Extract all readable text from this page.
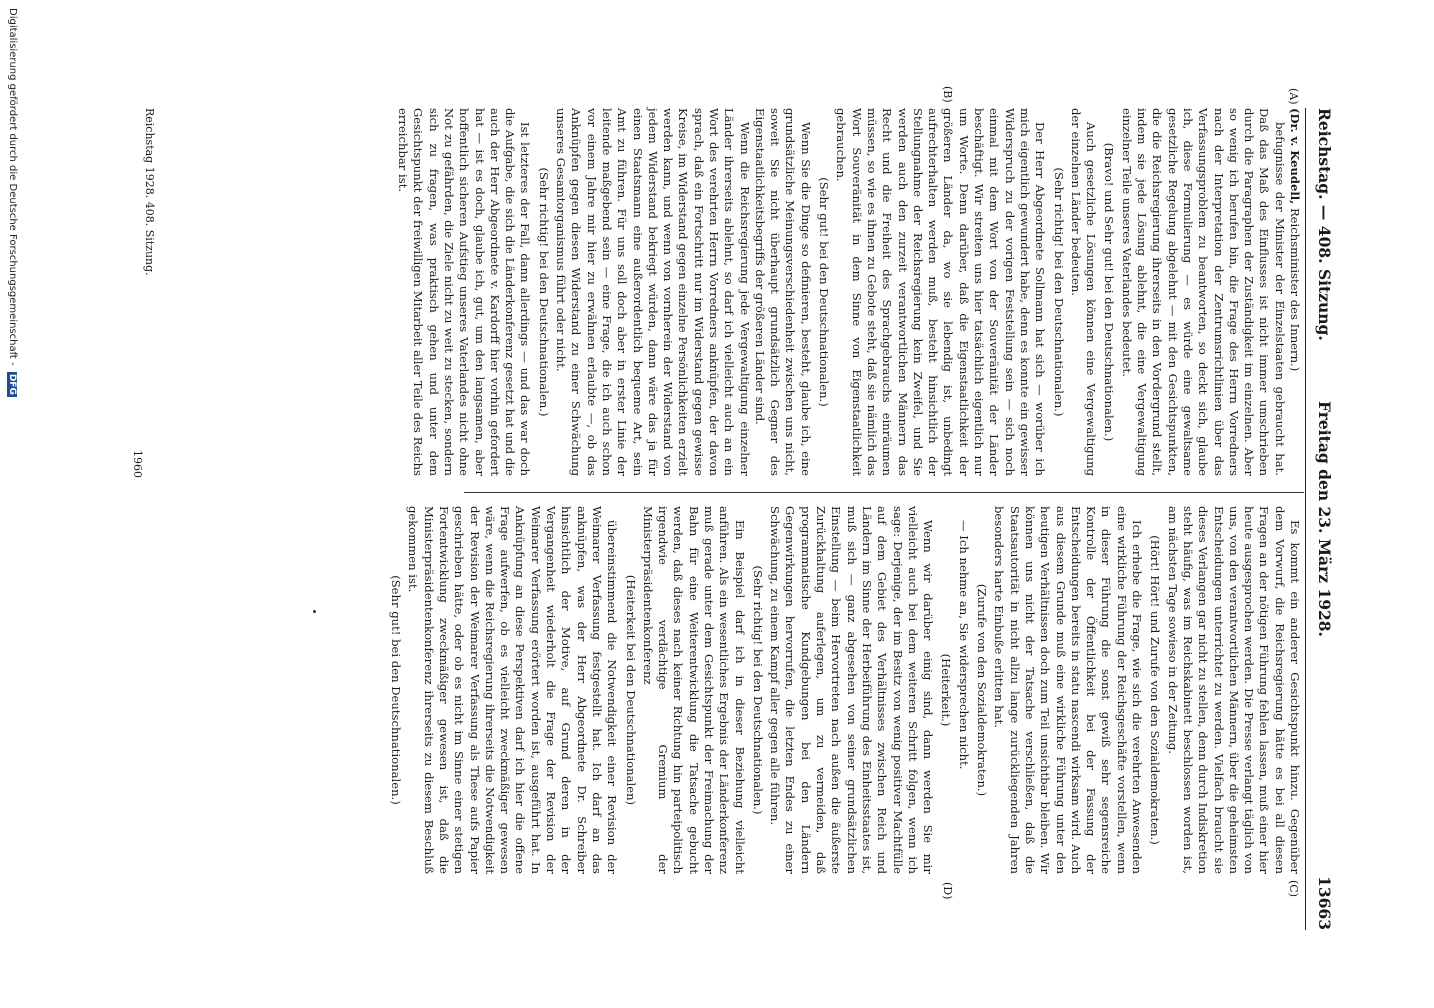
Reichstag. — 408. Sitzung.
Freitag den 23. März 1928.
13663
(A)
(B)
(C)
(D)

(Dr. v. Keudell, Reichsminister des Innern.)

befugnisse der Minister der Einzelstaaten gebraucht hat. Daß das Maß des Einflusses ist nicht immer umschrieben durch die Paragraphen der Zuständigkeit im einzelnen. Aber so wenig ich berufen bin, die Frage des Herrn Vorredners nach der Interpretation der Zentrumsrichtlinien über das Verfassungsproblem zu beantworten, so deckt sich, glaube ich, diese Formulierung — es würde eine gewaltsame gesetzliche Regelung abgelehnt — mit den Gesichtspunkten, die die Reichsregierung ihrerseits in den Vordergrund stellt, indem sie jede Lösung ablehnt, die eine Vergewaltigung einzelner Teile unseres Vaterlandes bedeutet.

(Bravo! und Sehr gut! bei den Deutschnationalen.)

Auch gesetzliche Lösungen können eine Vergewaltigung der einzelnen Länder bedeuten.

(Sehr richtig! bei den Deutschnationalen.)

Der Herr Abgeordnete Sollmann hat sich — worüber ich mich eigentlich gewundert habe, denn es konnte ein gewisser Widerspruch zu der vorigen Feststellung sein — sich noch einmal mit dem Wort von der Souveränität der Länder beschäftigt. Wir streiten uns hier tatsächlich eigentlich nur um Worte. Denn darüber, daß die Eigenstaatlichkeit der größeren Länder da, wo sie lebendig ist, unbedingt aufrechterhalten werden muß, besteht hinsichtlich der Stellungnahme der Reichsregierung kein Zweifel, und Sie werden auch den zurzeit verantwortlichen Männern das Recht und die Freiheit des Sprachgebrauchs einräumen müssen, so wie es ihnen zu Gebote steht, daß sie nämlich das Wort Souveränität in dem Sinne von Eigenstaatlichkeit gebrauchen.

(Sehr gut! bei den Deutschnationalen.)

Wenn Sie die Dinge so definieren, besteht, glaube ich, eine grundsätzliche Meinungsverschiedenheit zwischen uns nicht, soweit Sie nicht überhaupt grundsätzlich Gegner des Eigenstaatlichkeitsbegriffs der größeren Länder sind.

Wenn die Reichsregierung jede Vergewaltigung einzelner Länder ihrerseits ablehnt, so darf ich vielleicht auch an ein Wort des verehrten Herrn Vorredners anknüpfen, der davon sprach, daß ein Fortschritt nur im Widerstand gegen gewisse Kreise, im Widerstand gegen einzelne Persönlichkeiten erzielt werden kann, und wenn von vornherein der Widerstand von jedem Widerstand bekriegt würden, dann wäre das ja für einen Staatsmann eine außerordentlich bequeme Art, sein Amt zu führen. Für uns soll doch aber in erster Linie der leitende maßgebend sein — eine Frage, die ich auch schon vor einem Jahre mir hier zu erwähnen erlaubte —, ob das Anknüpfen gegen diesen Widerstand zu einer Schwächung unseres Gesamtorganismus führt oder nicht.

(Sehr richtig! bei den Deutschnationalen.)

Ist letzteres der Fall, dann allerdings — und das war doch die Aufgabe, die sich die Länderkonferenz gesetzt hat und die auch der Herr Abgeordnete v. Kardorff hier vorhin gefordert hat — ist es doch, glaube ich, gut, um den langsamen, aber hoffentlich sicheren Aufstieg unseres Vaterlandes nicht ohne Not zu gefährden, die Ziele nicht zu weit zu stecken, sondern sich zu fragen, was praktisch gehen und unter dem Gesichtspunkt der freiwilligen Mitarbeit aller Teile des Reichs erreichbar ist.

Es kommt ein anderer Gesichtspunkt hinzu. Gegenüber dem Vorwurf, die Reichsregierung hätte es bei all diesen Fragen an der nötigen Führung fehlen lassen, muß einer hier heute ausgesprochen werden. Die Presse verlangt täglich von uns, von den verantwortlichen Männern, über die geheimsten Entscheidungen unterrichtet zu werden. Vielfach braucht sie dieses Verlangen gar nicht zu stellen, denn durch Indiskretion steht häufig, was im Reichskabinett beschlossen worden ist, am nächsten Tage sowieso in der Zeitung.

(Hört! Hört! und Zurufe von den Sozialdemokraten.)

Ich erhebe die Frage, wie sich die verehrten Anwesenden eine wirkliche Führung der Reichsgeschäfte vorstellen, wenn in dieser Führung die sonst gewiß sehr segensreiche Kontrolle der Öffentlichkeit bei der Fassung der Entscheidungen bereits in statu nascendi wirksam wird. Auch aus diesem Grunde muß eine wirkliche Führung unter den heutigen Verhältnissen doch zum Teil unsichtbar bleiben. Wir können uns nicht der Tatsache verschließen, daß die Staatsautorität in nicht allzu lange zurückliegenden Jahren besonders harte Einbuße erlitten hat.

(Zurufe von den Sozialdemokraten.)

— Ich nehme an, Sie widersprechen nicht.

(Heiterkeit.)

Wenn wir darüber einig sind, dann werden Sie mir vielleicht auch bei dem weiteren Schritt folgen, wenn ich sage: Derjenige, der im Besitz von wenig positiver Machtfülle auf dem Gebiet des Verhältnisses zwischen Reich und Ländern im Sinne der Herbeiführung des Einheitsstaates ist, muß sich — ganz abgesehen von seiner grundsätzlichen Einstellung — beim Hervortreten nach außen die äußerste Zurückhaltung auferlegen, um zu vermeiden, daß programmatische Kundgebungen bei den Ländern Gegenwirkungen hervorrufen, die letzten Endes zu einer Schwächung, zu einem Kampf aller gegen alle führen.

(Sehr richtig! bei den Deutschnationalen.)

Ein Beispiel darf ich in dieser Beziehung vielleicht anführen. Als ein wesentliches Ergebnis der Länderkonferenz muß gerade unter dem Gesichtspunkt der Freimachung der Bahn für eine Weiterentwicklung die Tatsache gebucht werden, daß dieses nach keiner Richtung hin parteipolitisch irgendwie verdächtige Gremium der Ministerpräsidentenkonferenz

(Heiterkeit bei den Deutschnationalen)

übereinstimmend die Notwendigkeit einer Revision der Weimarer Verfassung festgestellt hat. Ich darf an das anknüpfen, was der Herr Abgeordnete Dr. Schreiber hinsichtlich der Motive, auf Grund deren in der Vergangenheit wiederholt die Frage der Revision der Weimarer Verfassung erörtert worden ist, ausgeführt hat. In Anknüpfung an diese Perspektiven darf ich hier die offene Frage aufwerfen, ob es vielleicht zweckmäßiger gewesen wäre, wenn die Reichsregierung ihrerseits die Notwendigkeit der Revision der Weimarer Verfassung als These aufs Papier geschrieben hätte, oder ob es nicht im Sinne einer stetigen Fortentwicklung zweckmäßiger gewesen ist, daß die Ministerpräsidentenkonferenz ihrerseits zu diesem Beschluß gekommen ist.

(Sehr gut! bei den Deutschnationalen.)

Reichstag 1928. 408. Sitzung.
1960
Digitalisierung gefördert durch die Deutsche Forschungsgemeinschaft - DFG
